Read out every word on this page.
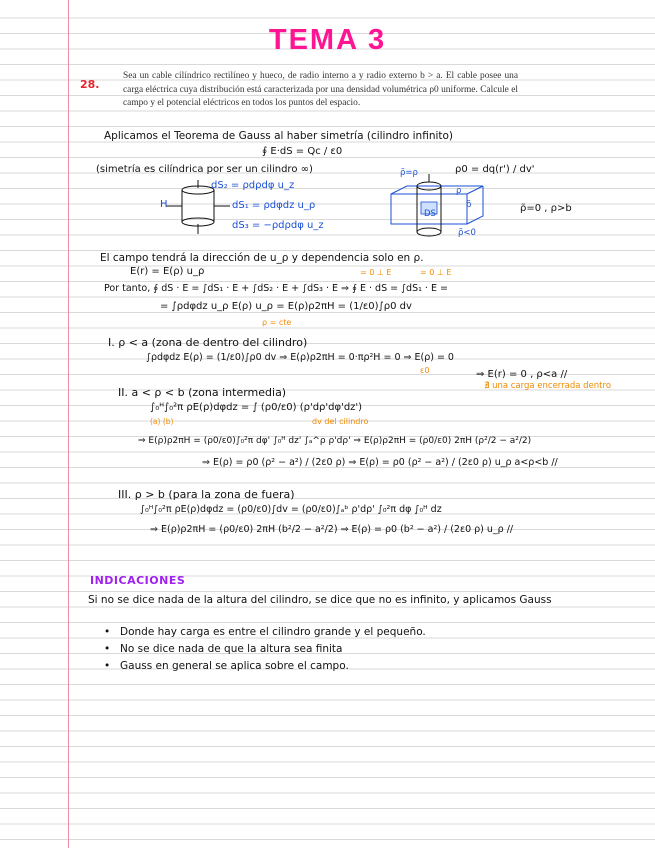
TEMA 3
28.
Sea un cable cilíndrico rectilíneo y hueco, de radio interno a y radio externo b > a. El cable posee una carga eléctrica cuya distribución está caracterizada por una densidad volumétrica ρ0 uniforme. Calcule el campo y el potencial eléctricos en todos los puntos del espacio.
Aplicamos el Teorema de Gauss al haber simetría (cilindro infinito)
∮ E·dS = Qc / ε0
(simetría es cilíndrica por ser un cilindro ∞)	ρ0 = dq(r') / dv'
H
dS₂ = ρdρdφ u_z
dS₁ = ρdφdz u_ρ
dS₃ = −ρdρdφ u_z
ρ
ρ̃
ρ̃=ρ
DS
ρ̃<0
ρ̃=0 , ρ>b
El campo tendrá la dirección de u_ρ y dependencia solo en ρ.
E(r) = E(ρ) u_ρ	= 0 ⊥ E	= 0 ⊥ E
Por tanto, ∮ dS · E = ∫dS₁ · E + ∫dS₂ · E + ∫dS₃ · E ⇒ ∮ E · dS = ∫dS₁ · E =
= ∫ρdφdz u_ρ E(ρ) u_ρ = E(ρ)ρ2πH = (1/ε0)∫ρ0 dv
ρ = cte
I. ρ < a (zona de dentro del cilindro)
∫ρdφdz E(ρ) = (1/ε0)∫ρ0 dv ⇒ E(ρ)ρ2πH = 0·πρ²H = 0 ⇒ E(ρ) = 0
ε0	⇒ E(r) = 0 , ρ<a //
∄ una carga encerrada dentro
II. a < ρ < b (zona intermedia)
∫₀ᴴ∫₀²π ρE(ρ)dφdz = ∫ (ρ0/ε0) (ρ'dρ'dφ'dz')
(a) (b)	dv del cilindro
⇒ E(ρ)ρ2πH = (ρ0/ε0)∫₀²π dφ' ∫₀ᴴ dz' ∫ₐ^ρ ρ'dρ' ⇒ E(ρ)ρ2πH = (ρ0/ε0) 2πH (ρ²/2 − a²/2)
⇒ E(ρ) = ρ0 (ρ² − a²) / (2ε0 ρ) ⇒ E(ρ) = ρ0 (ρ² − a²) / (2ε0 ρ) u_ρ a<ρ<b //
III. ρ > b (para la zona de fuera)
∫₀ᴴ∫₀²π ρE(ρ)dφdz = (ρ0/ε0)∫dv = (ρ0/ε0)∫ₐᵇ ρ'dρ' ∫₀²π dφ ∫₀ᴴ dz
⇒ E(ρ)ρ2πH = (ρ0/ε0) 2πH (b²/2 − a²/2) ⇒ E(ρ) = ρ0 (b² − a²) / (2ε0 ρ) u_ρ //
INDICACIONES
Si no se dice nada de la altura del cilindro, se dice que no es infinito, y aplicamos Gauss
• Donde hay carga es entre el cilindro grande y el pequeño.
• No se dice nada de que la altura sea finita
• Gauss en general se aplica sobre el campo.
